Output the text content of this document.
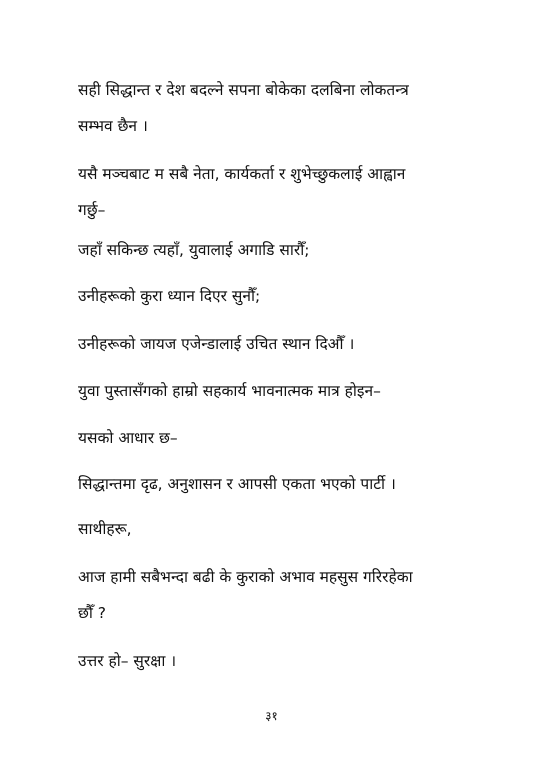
सही सिद्धान्त र देश बदल्ने सपना बोकेका दलबिना लोकतन्त्र
सम्भव छैन ।
यसै मञ्चबाट म सबै नेता, कार्यकर्ता र शुभेच्छुकलाई आह्वान
गर्छु–
जहाँ सकिन्छ त्यहाँ, युवालाई अगाडि सारौँ;
उनीहरूको कुरा ध्यान दिएर सुनौँ;
उनीहरूको जायज एजेन्डालाई उचित स्थान दिऔँ ।
युवा पुस्तासँगको हाम्रो सहकार्य भावनात्मक मात्र होइन–
यसको आधार छ–
सिद्धान्तमा दृढ, अनुशासन र आपसी एकता भएको पार्टी ।
साथीहरू,
आज हामी सबैभन्दा बढी के कुराको अभाव महसुस गरिरहेका
छौँ ?
उत्तर हो– सुरक्षा ।
३१
